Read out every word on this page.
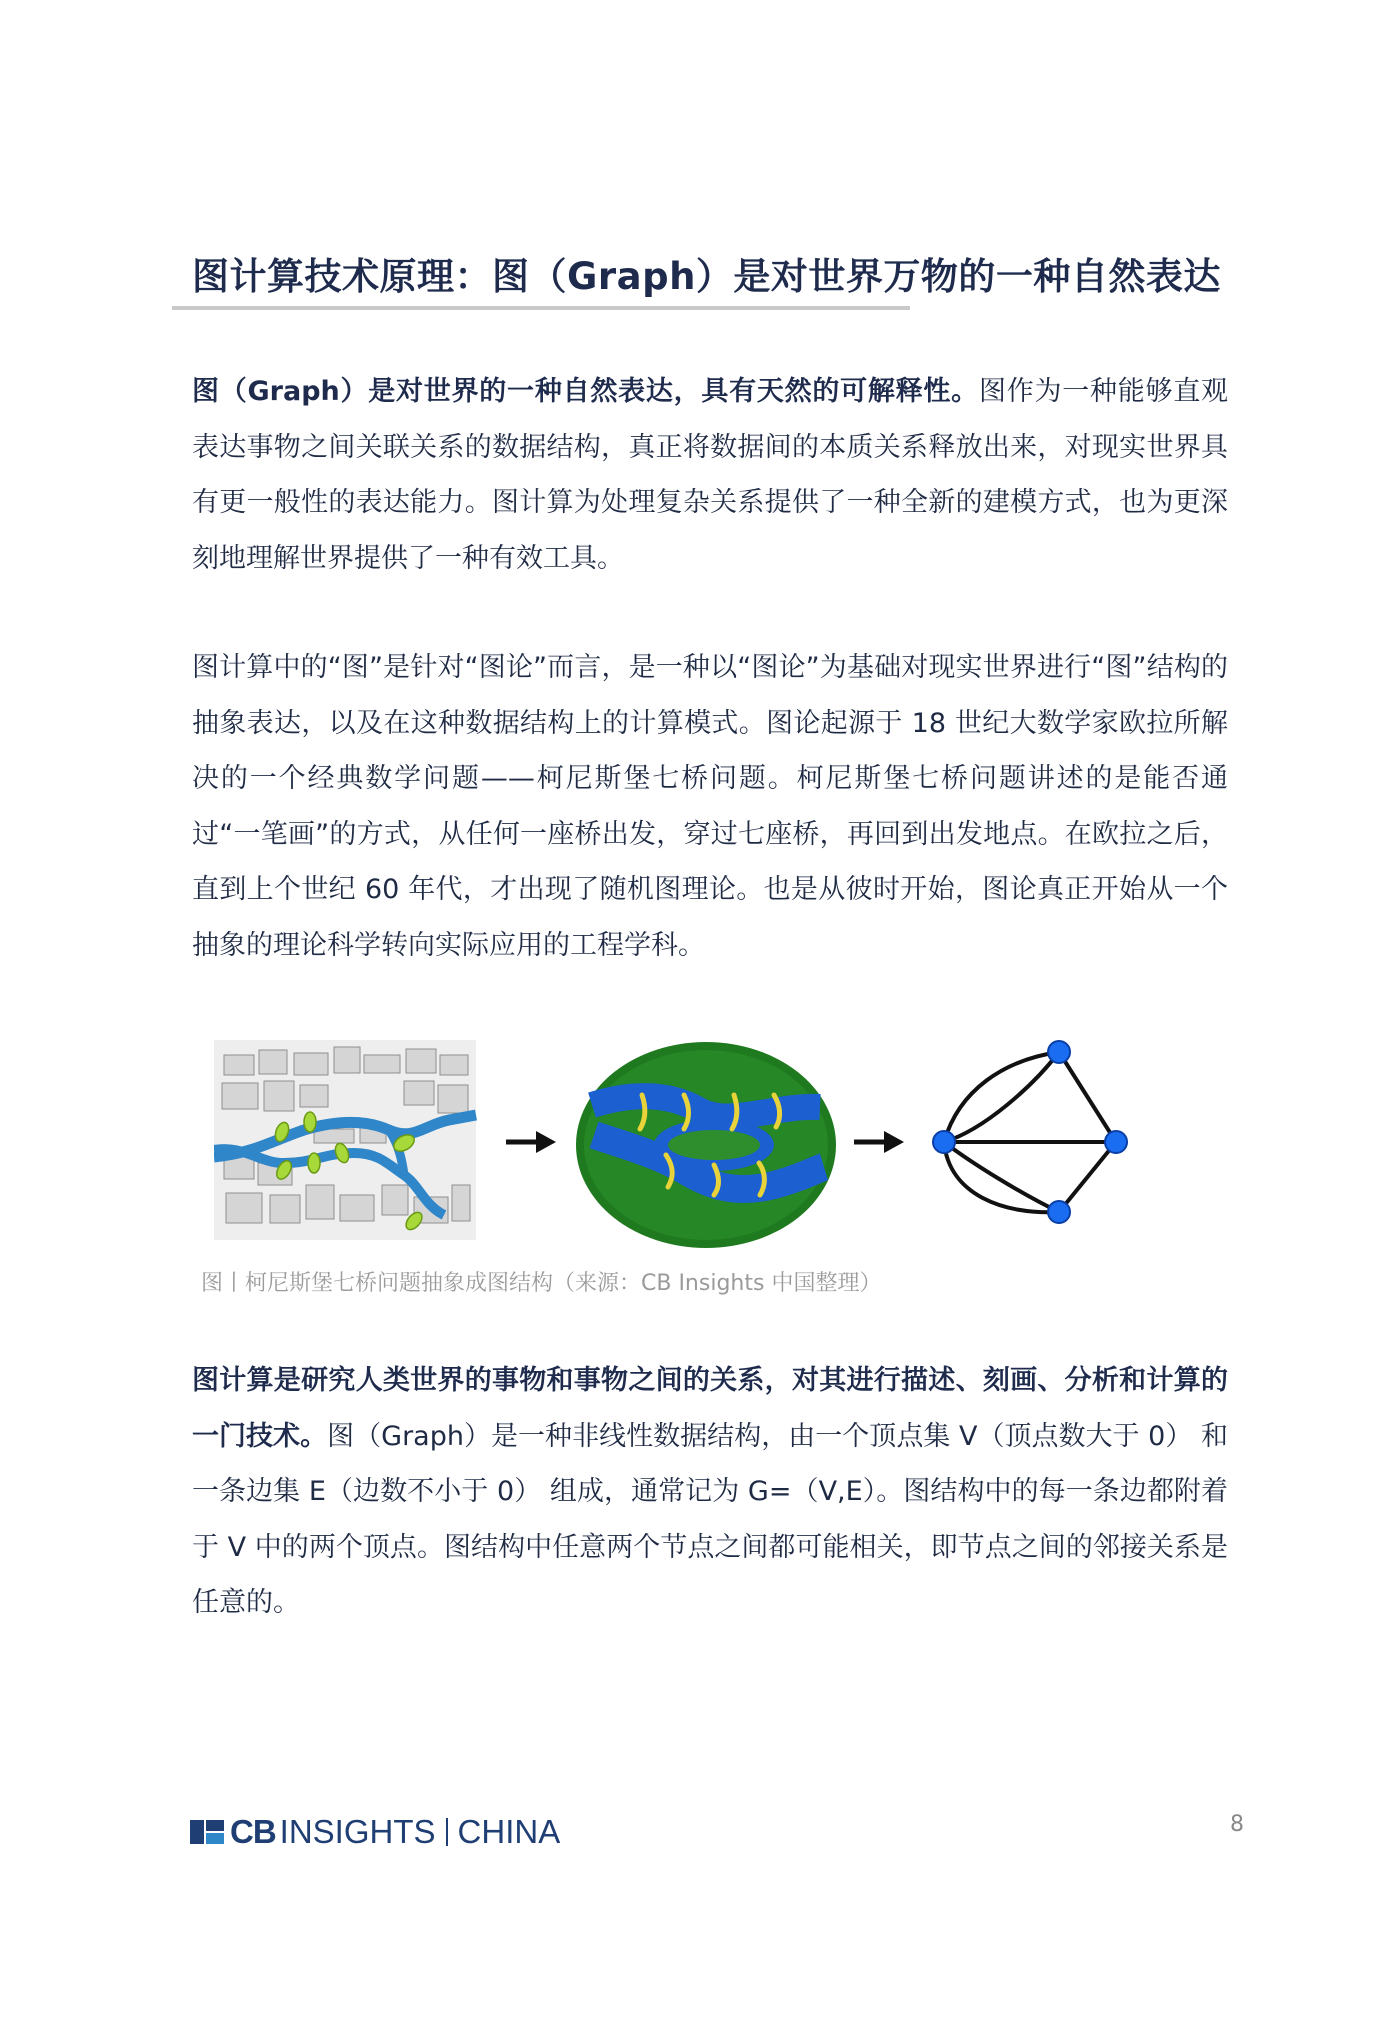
图计算技术原理：图（Graph）是对世界万物的一种自然表达
图（Graph）是对世界的一种自然表达，具有天然的可解释性。图作为一种能够直观表达事物之间关联关系的数据结构，真正将数据间的本质关系释放出来，对现实世界具有更一般性的表达能力。图计算为处理复杂关系提供了一种全新的建模方式，也为更深刻地理解世界提供了一种有效工具。
图计算中的“图”是针对“图论”而言，是一种以“图论”为基础对现实世界进行“图”结构的抽象表达，以及在这种数据结构上的计算模式。图论起源于 18 世纪大数学家欧拉所解决的一个经典数学问题——柯尼斯堡七桥问题。柯尼斯堡七桥问题讲述的是能否通过“一笔画”的方式，从任何一座桥出发，穿过七座桥，再回到出发地点。在欧拉之后，直到上个世纪 60 年代，才出现了随机图理论。也是从彼时开始，图论真正开始从一个抽象的理论科学转向实际应用的工程学科。
图丨柯尼斯堡七桥问题抽象成图结构（来源：CB Insights 中国整理）
图计算是研究人类世界的事物和事物之间的关系，对其进行描述、刻画、分析和计算的一门技术。图（Graph）是一种非线性数据结构，由一个顶点集 V（顶点数大于 0） 和一条边集 E（边数不小于 0） 组成，通常记为 G=（V,E）。图结构中的每一条边都附着于 V 中的两个顶点。图结构中任意两个节点之间都可能相关，即节点之间的邻接关系是任意的。
CB INSIGHTS CHINA	8
